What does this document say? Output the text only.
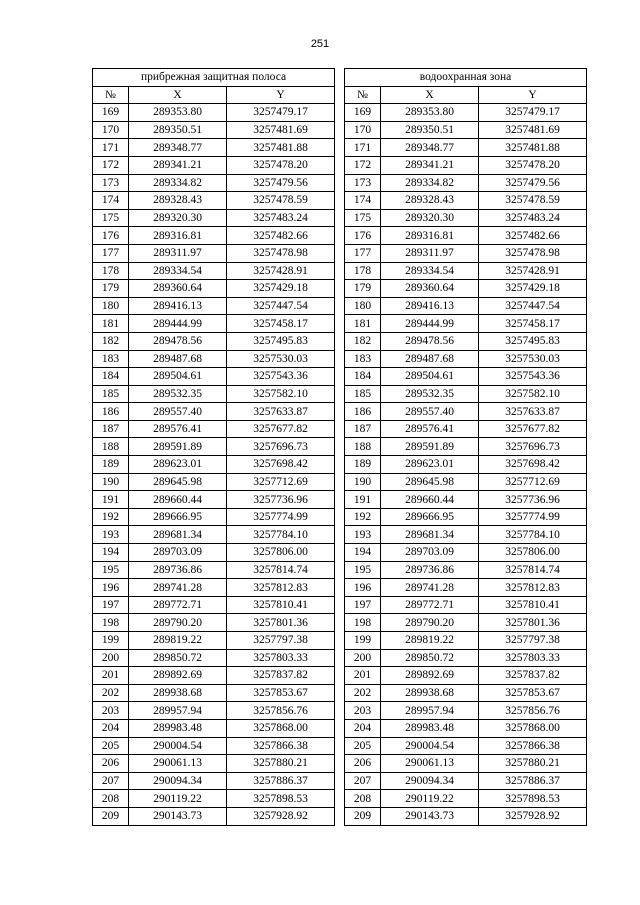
251
прибрежная защитная полоса		
№	X	Y
169	289353.80	3257479.17
170	289350.51	3257481.69
171	289348.77	3257481.88
172	289341.21	3257478.20
173	289334.82	3257479.56
174	289328.43	3257478.59
175	289320.30	3257483.24
176	289316.81	3257482.66
177	289311.97	3257478.98
178	289334.54	3257428.91
179	289360.64	3257429.18
180	289416.13	3257447.54
181	289444.99	3257458.17
182	289478.56	3257495.83
183	289487.68	3257530.03
184	289504.61	3257543.36
185	289532.35	3257582.10
186	289557.40	3257633.87
187	289576.41	3257677.82
188	289591.89	3257696.73
189	289623.01	3257698.42
190	289645.98	3257712.69
191	289660.44	3257736.96
192	289666.95	3257774.99
193	289681.34	3257784.10
194	289703.09	3257806.00
195	289736.86	3257814.74
196	289741.28	3257812.83
197	289772.71	3257810.41
198	289790.20	3257801.36
199	289819.22	3257797.38
200	289850.72	3257803.33
201	289892.69	3257837.82
202	289938.68	3257853.67
203	289957.94	3257856.76
204	289983.48	3257868.00
205	290004.54	3257866.38
206	290061.13	3257880.21
207	290094.34	3257886.37
208	290119.22	3257898.53
209	290143.73	3257928.92
водоохранная зона		
№	X	Y
169	289353.80	3257479.17
170	289350.51	3257481.69
171	289348.77	3257481.88
172	289341.21	3257478.20
173	289334.82	3257479.56
174	289328.43	3257478.59
175	289320.30	3257483.24
176	289316.81	3257482.66
177	289311.97	3257478.98
178	289334.54	3257428.91
179	289360.64	3257429.18
180	289416.13	3257447.54
181	289444.99	3257458.17
182	289478.56	3257495.83
183	289487.68	3257530.03
184	289504.61	3257543.36
185	289532.35	3257582.10
186	289557.40	3257633.87
187	289576.41	3257677.82
188	289591.89	3257696.73
189	289623.01	3257698.42
190	289645.98	3257712.69
191	289660.44	3257736.96
192	289666.95	3257774.99
193	289681.34	3257784.10
194	289703.09	3257806.00
195	289736.86	3257814.74
196	289741.28	3257812.83
197	289772.71	3257810.41
198	289790.20	3257801.36
199	289819.22	3257797.38
200	289850.72	3257803.33
201	289892.69	3257837.82
202	289938.68	3257853.67
203	289957.94	3257856.76
204	289983.48	3257868.00
205	290004.54	3257866.38
206	290061.13	3257880.21
207	290094.34	3257886.37
208	290119.22	3257898.53
209	290143.73	3257928.92
